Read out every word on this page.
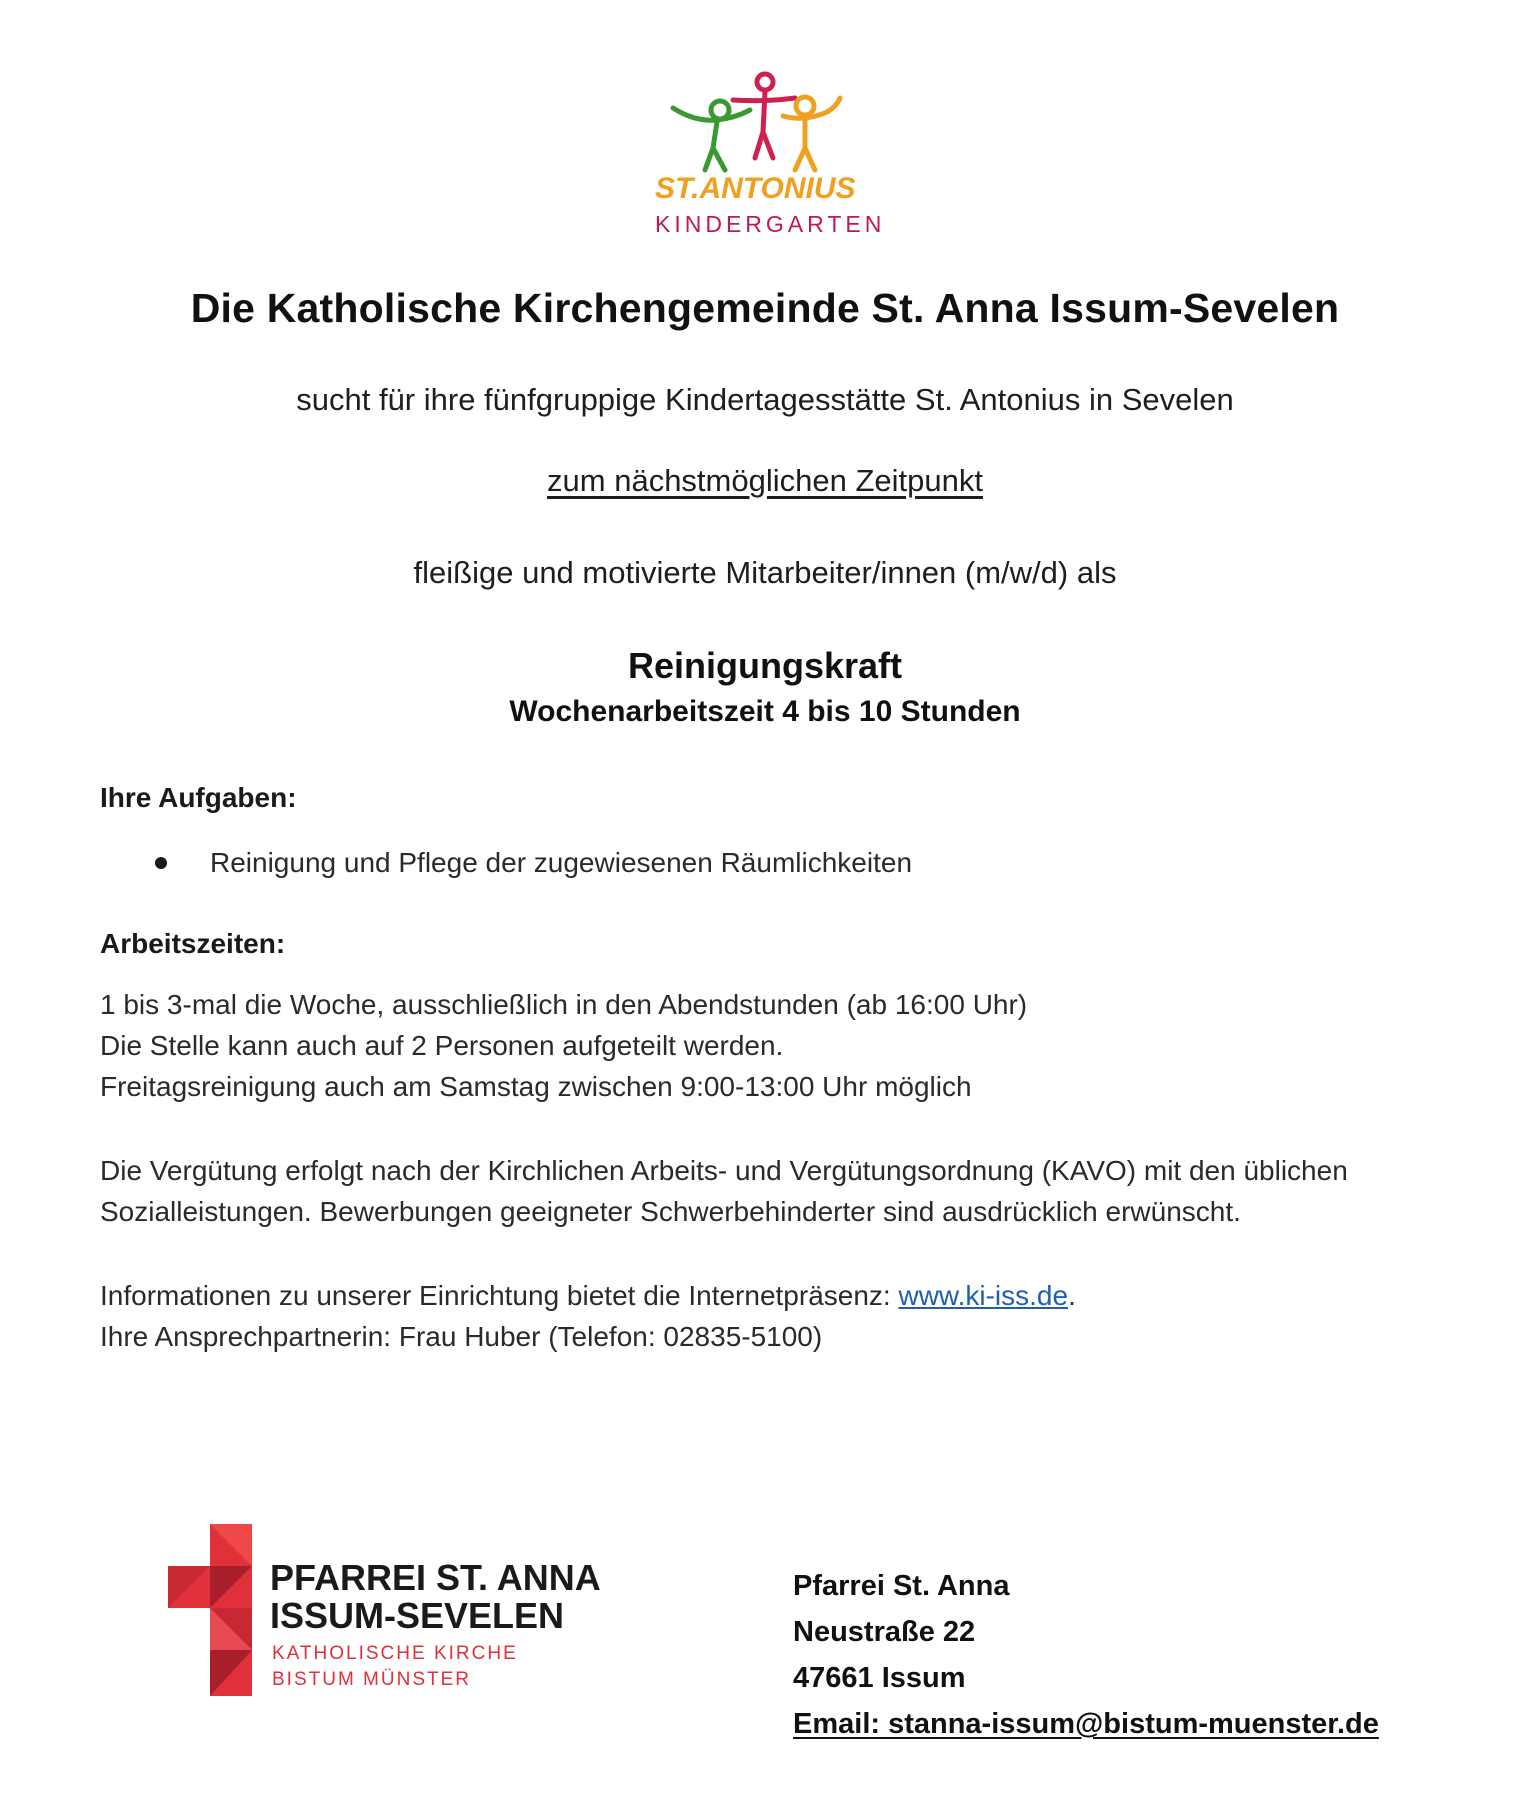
ST.ANTONIUS
KINDERGARTEN
Die Katholische Kirchengemeinde St. Anna Issum-Sevelen
sucht für ihre fünfgruppige Kindertagesstätte St. Antonius in Sevelen
zum nächstmöglichen Zeitpunkt
fleißige und motivierte Mitarbeiter/innen (m/w/d) als
Reinigungskraft
Wochenarbeitszeit 4 bis 10 Stunden
Ihre Aufgaben:
Reinigung und Pflege der zugewiesenen Räumlichkeiten
Arbeitszeiten:
1 bis 3-mal die Woche, ausschließlich in den Abendstunden (ab 16:00 Uhr)
Die Stelle kann auch auf 2 Personen aufgeteilt werden.
Freitagsreinigung auch am Samstag zwischen 9:00-13:00 Uhr möglich
Die Vergütung erfolgt nach der Kirchlichen Arbeits- und Vergütungsordnung (KAVO) mit den üblichen
Sozialleistungen. Bewerbungen geeigneter Schwerbehinderter sind ausdrücklich erwünscht.
Informationen zu unserer Einrichtung bietet die Internetpräsenz: www.ki-iss.de.
Ihre Ansprechpartnerin: Frau Huber (Telefon: 02835-5100)
PFARREI ST. ANNA
ISSUM-SEVELEN
KATHOLISCHE KIRCHE
BISTUM MÜNSTER
Pfarrei St. Anna
Neustraße 22
47661 Issum
Email: stanna-issum@bistum-muenster.de
